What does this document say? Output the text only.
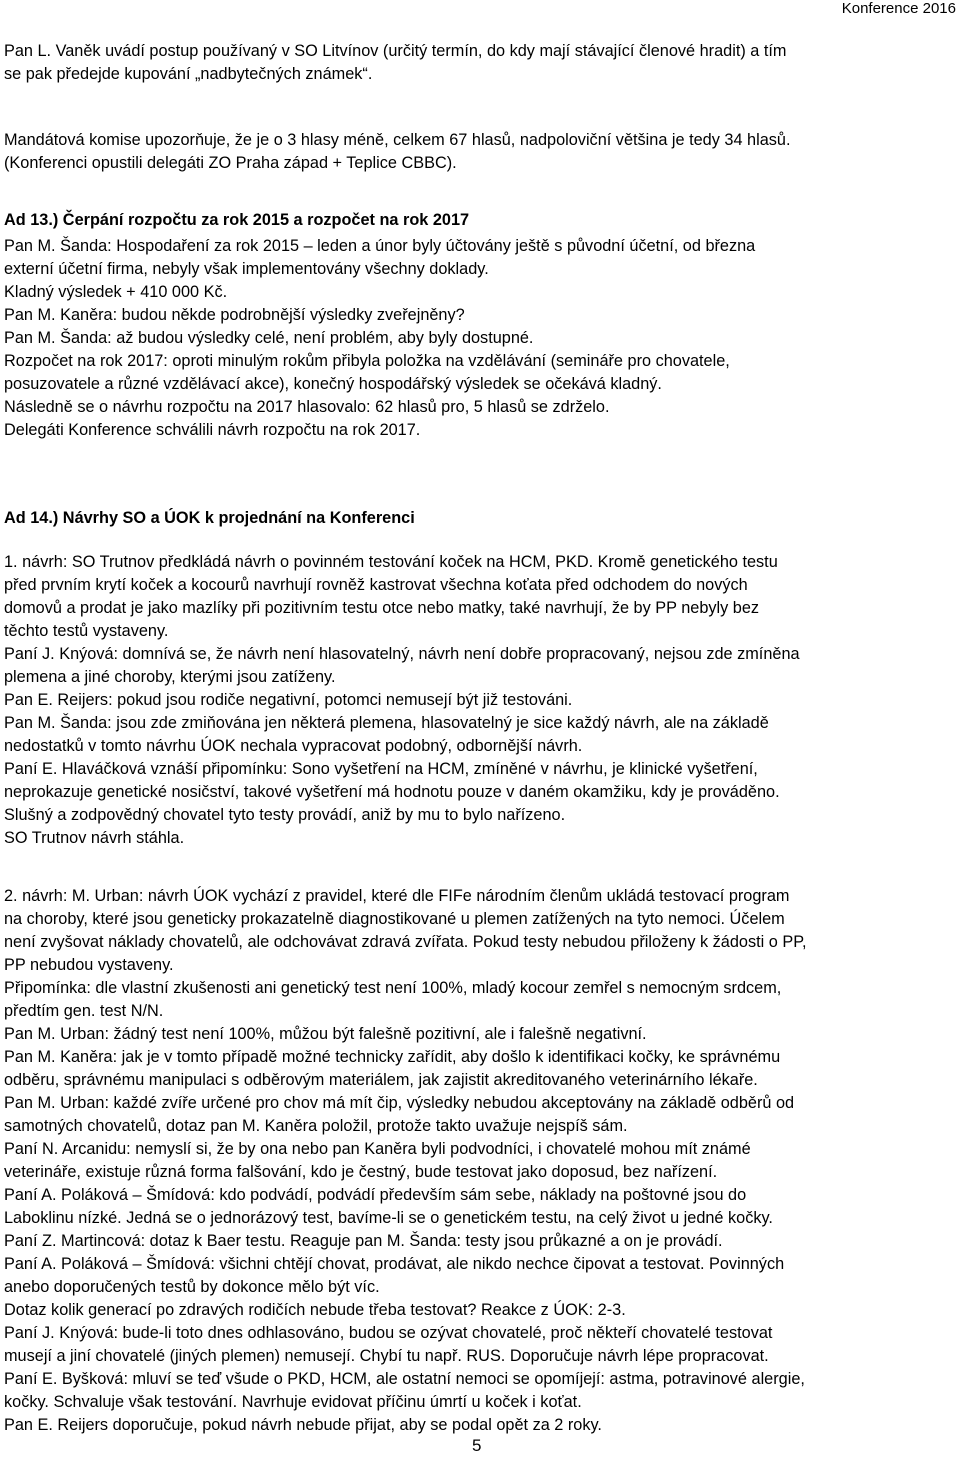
Konference 2016
Pan L. Vaněk uvádí postup používaný v SO Litvínov (určitý termín, do kdy mají stávající členové hradit) a tím
se pak předejde kupování „nadbytečných známek“.
Mandátová komise upozorňuje, že je o 3 hlasy méně, celkem 67 hlasů, nadpoloviční většina je tedy 34 hlasů.
(Konferenci opustili delegáti ZO Praha západ + Teplice CBBC).
Ad 13.) Čerpání rozpočtu za rok 2015 a rozpočet na rok 2017
Pan M. Šanda: Hospodaření za rok 2015 – leden a únor byly účtovány ještě s původní účetní, od března
externí účetní firma, nebyly však implementovány všechny doklady.
Kladný výsledek + 410 000 Kč.
Pan M. Kaněra: budou někde podrobnější výsledky zveřejněny?
Pan M. Šanda: až budou výsledky celé, není problém, aby byly dostupné.
Rozpočet na rok 2017: oproti minulým rokům přibyla položka na vzdělávání (semináře pro chovatele,
posuzovatele a různé vzdělávací akce), konečný hospodářský výsledek se očekává kladný.
Následně se o návrhu rozpočtu na 2017 hlasovalo: 62 hlasů pro, 5 hlasů se zdrželo.
Delegáti Konference schválili návrh rozpočtu na rok 2017.
Ad 14.) Návrhy SO a ÚOK k projednání na Konferenci
1. návrh: SO Trutnov předkládá návrh o povinném testování koček na HCM, PKD. Kromě genetického testu
před prvním krytí koček a kocourů navrhují rovněž kastrovat všechna koťata před odchodem do nových
domovů a prodat je jako mazlíky při pozitivním testu otce nebo matky, také navrhují, že by PP nebyly bez
těchto testů vystaveny.
Paní J. Knýová: domnívá se, že návrh není hlasovatelný, návrh není dobře propracovaný, nejsou zde zmíněna
plemena a jiné choroby, kterými jsou zatíženy.
Pan E. Reijers: pokud jsou rodiče negativní, potomci nemusejí být již testováni.
Pan M. Šanda: jsou zde zmiňována jen některá plemena, hlasovatelný je sice každý návrh, ale na základě
nedostatků v tomto návrhu ÚOK nechala vypracovat podobný, odbornější návrh.
Paní E. Hlaváčková vznáší připomínku: Sono vyšetření na HCM, zmíněné v návrhu, je klinické vyšetření,
neprokazuje genetické nosičství, takové vyšetření má hodnotu pouze v daném okamžiku, kdy je prováděno.
Slušný a zodpovědný chovatel tyto testy provádí, aniž by mu to bylo nařízeno.
SO Trutnov návrh stáhla.
2. návrh: M. Urban: návrh ÚOK vychází z pravidel, které dle FIFe národním členům ukládá testovací program
na choroby, které jsou geneticky prokazatelně diagnostikované u plemen zatížených na tyto nemoci. Účelem
není zvyšovat náklady chovatelů, ale odchovávat zdravá zvířata. Pokud testy nebudou přiloženy k žádosti o PP,
PP nebudou vystaveny.
Připomínka: dle vlastní zkušenosti ani genetický test není 100%, mladý kocour zemřel s nemocným srdcem,
předtím gen. test N/N.
Pan M. Urban: žádný test není 100%, můžou být falešně pozitivní, ale i falešně negativní.
Pan M. Kaněra: jak je v tomto případě možné technicky zařídit, aby došlo k identifikaci kočky, ke správnému
odběru, správnému manipulaci s odběrovým materiálem, jak zajistit akreditovaného veterinárního lékaře.
Pan M. Urban: každé zvíře určené pro chov má mít čip, výsledky nebudou akceptovány na základě odběrů od
samotných chovatelů, dotaz pan M. Kaněra položil, protože takto uvažuje nejspíš sám.
Paní N. Arcanidu: nemyslí si, že by ona nebo pan Kaněra byli podvodníci, i chovatelé mohou mít známé
veterináře, existuje různá forma falšování, kdo je čestný, bude testovat jako doposud, bez nařízení.
Paní A. Poláková – Šmídová: kdo podvádí, podvádí především sám sebe, náklady na poštovné jsou do
Laboklinu nízké. Jedná se o jednorázový test, bavíme-li se o genetickém testu, na celý život u jedné kočky.
Paní Z. Martincová: dotaz k Baer testu. Reaguje pan M. Šanda: testy jsou průkazné a on je provádí.
Paní A. Poláková – Šmídová: všichni chtějí chovat, prodávat, ale nikdo nechce čipovat a testovat. Povinných
anebo doporučených testů by dokonce mělo být víc.
Dotaz kolik generací po zdravých rodičích nebude třeba testovat? Reakce z ÚOK: 2-3.
Paní J. Knýová: bude-li toto dnes odhlasováno, budou se ozývat chovatelé, proč někteří chovatelé testovat
musejí a jiní chovatelé (jiných plemen) nemusejí. Chybí tu např. RUS. Doporučuje návrh lépe propracovat.
Paní E. Byšková: mluví se teď všude o PKD, HCM, ale ostatní nemoci se opomíjejí: astma, potravinové alergie,
kočky. Schvaluje však testování. Navrhuje evidovat příčinu úmrtí u koček i koťat.
Pan E. Reijers doporučuje, pokud návrh nebude přijat, aby se podal opět za 2 roky.
5
